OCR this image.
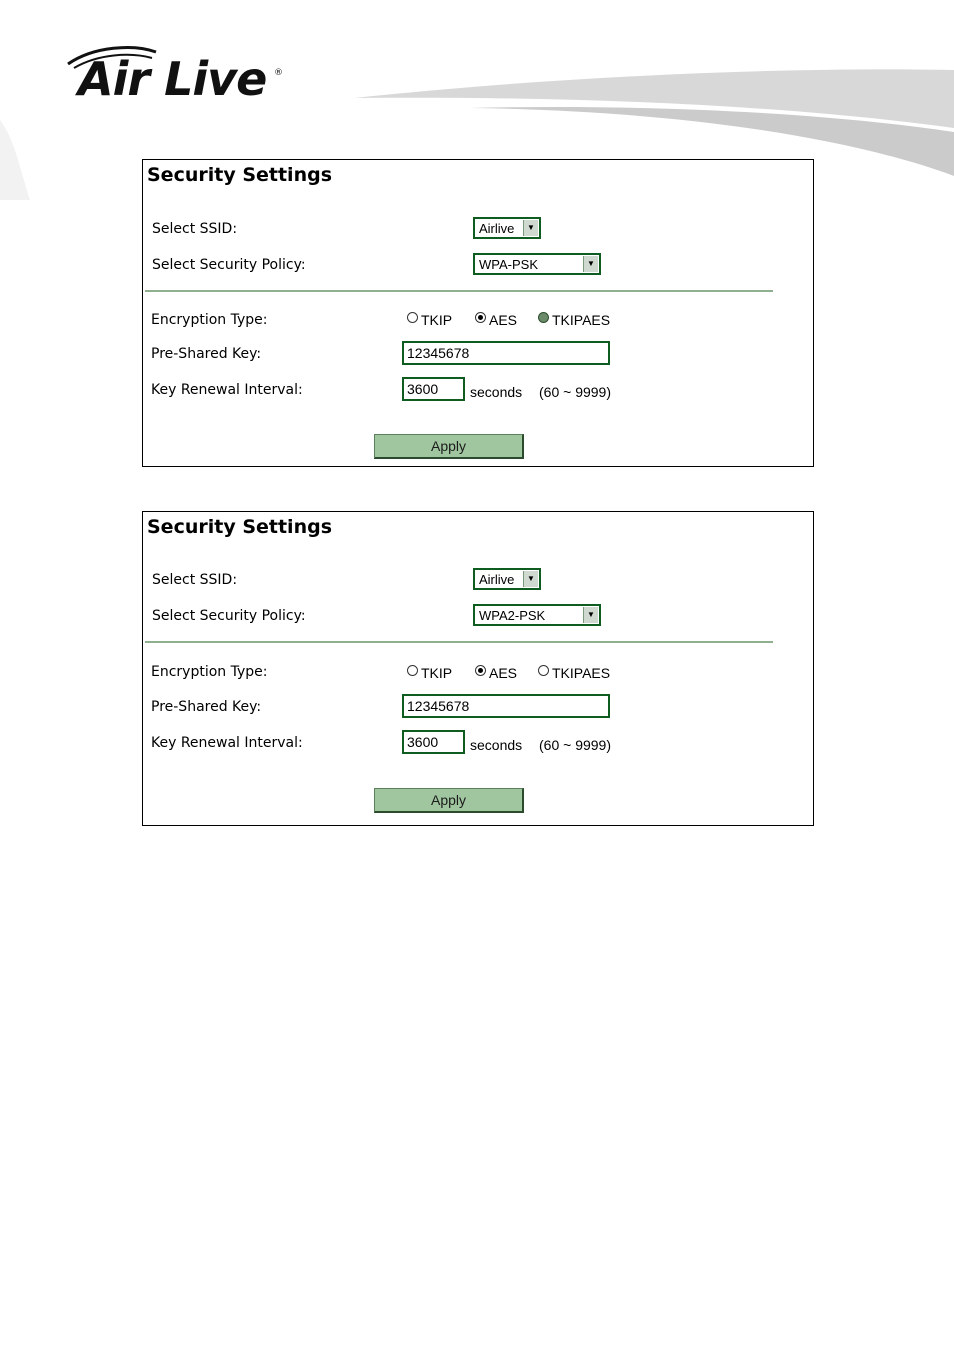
Air Live ®
Security Settings
Select SSID:	Airlive	▼
Select Security Policy:	WPA-PSK	▼
Encryption Type:	TKIP	AES	TKIPAES
Pre-Shared Key:	12345678
Key Renewal Interval:	3600	seconds (60 ~ 9999)
Apply
Security Settings
Select SSID:	Airlive	▼
Select Security Policy:	WPA2-PSK	▼
Encryption Type:	TKIP	AES	TKIPAES
Pre-Shared Key:	12345678
Key Renewal Interval:	3600	seconds (60 ~ 9999)
Apply
